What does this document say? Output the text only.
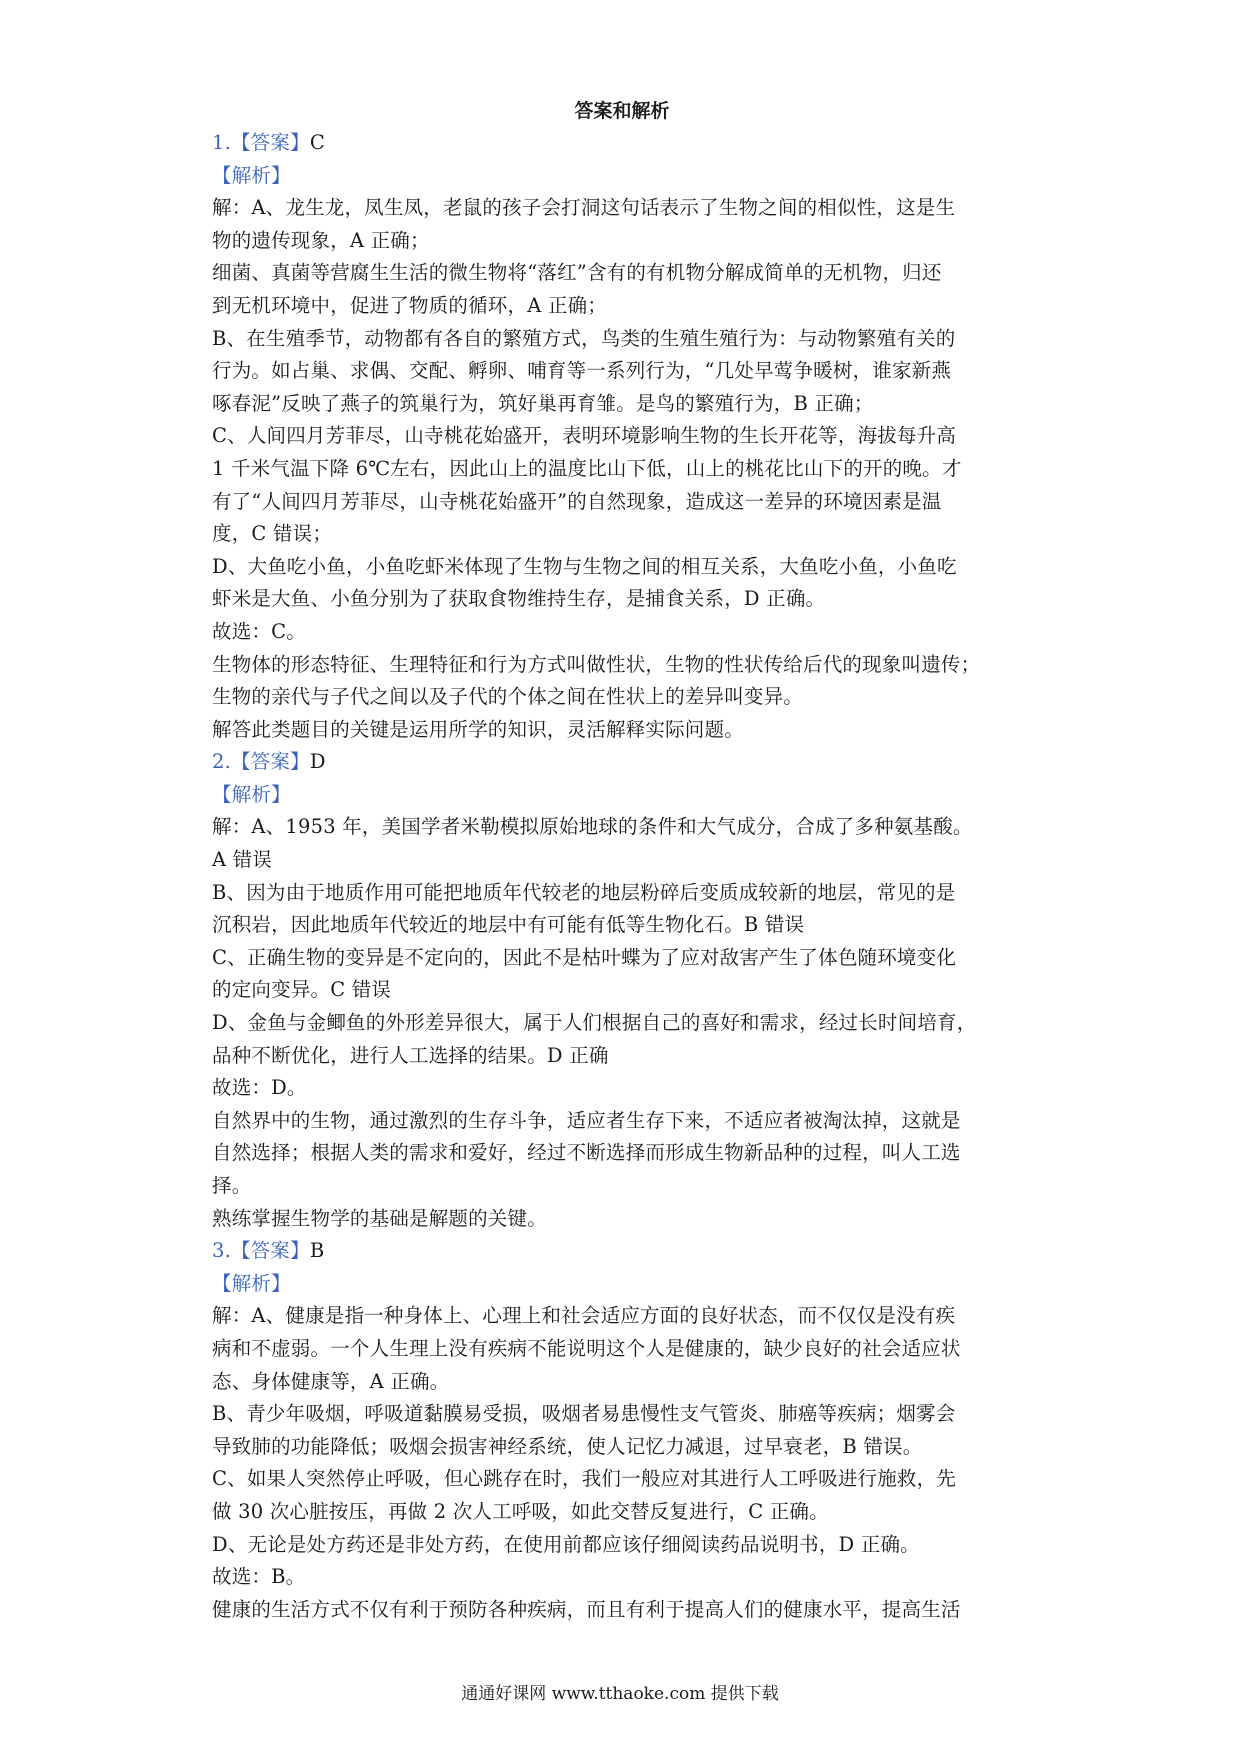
答案和解析

1.【答案】C

【解析】

解：A、龙生龙，凤生凤，老鼠的孩子会打洞这句话表示了生物之间的相似性，这是生

物的遗传现象，A 正确；

细菌、真菌等营腐生生活的微生物将“落红”含有的有机物分解成简单的无机物，归还

到无机环境中，促进了物质的循环，A 正确；

B、在生殖季节，动物都有各自的繁殖方式，鸟类的生殖生殖行为：与动物繁殖有关的

行为。如占巢、求偶、交配、孵卵、哺育等一系列行为，“几处早莺争暖树，谁家新燕

啄春泥”反映了燕子的筑巢行为，筑好巢再育雏。是鸟的繁殖行为，B 正确；

C、人间四月芳菲尽，山寺桃花始盛开，表明环境影响生物的生长开花等，海拔每升高

1 千米气温下降 6℃左右，因此山上的温度比山下低，山上的桃花比山下的开的晚。才

有了“人间四月芳菲尽，山寺桃花始盛开”的自然现象，造成这一差异的环境因素是温

度，C 错误；

D、大鱼吃小鱼，小鱼吃虾米体现了生物与生物之间的相互关系，大鱼吃小鱼，小鱼吃

虾米是大鱼、小鱼分别为了获取食物维持生存，是捕食关系，D 正确。

故选：C。

生物体的形态特征、生理特征和行为方式叫做性状，生物的性状传给后代的现象叫遗传；

生物的亲代与子代之间以及子代的个体之间在性状上的差异叫变异。

解答此类题目的关键是运用所学的知识，灵活解释实际问题。

2.【答案】D

【解析】

解：A、1953 年，美国学者米勒模拟原始地球的条件和大气成分，合成了多种氨基酸。

A 错误

B、因为由于地质作用可能把地质年代较老的地层粉碎后变质成较新的地层，常见的是

沉积岩，因此地质年代较近的地层中有可能有低等生物化石。B 错误

C、正确生物的变异是不定向的，因此不是枯叶蝶为了应对敌害产生了体色随环境变化

的定向变异。C 错误

D、金鱼与金鲫鱼的外形差异很大，属于人们根据自己的喜好和需求，经过长时间培育，

品种不断优化，进行人工选择的结果。D 正确

故选：D。

自然界中的生物，通过激烈的生存斗争，适应者生存下来，不适应者被淘汰掉，这就是

自然选择；根据人类的需求和爱好，经过不断选择而形成生物新品种的过程，叫人工选

择。

熟练掌握生物学的基础是解题的关键。

3.【答案】B

【解析】

解：A、健康是指一种身体上、心理上和社会适应方面的良好状态，而不仅仅是没有疾

病和不虚弱。一个人生理上没有疾病不能说明这个人是健康的，缺少良好的社会适应状

态、身体健康等，A 正确。

B、青少年吸烟，呼吸道黏膜易受损，吸烟者易患慢性支气管炎、肺癌等疾病；烟雾会

导致肺的功能降低；吸烟会损害神经系统，使人记忆力减退，过早衰老，B 错误。

C、如果人突然停止呼吸，但心跳存在时，我们一般应对其进行人工呼吸进行施救，先

做 30 次心脏按压，再做 2 次人工呼吸，如此交替反复进行，C 正确。

D、无论是处方药还是非处方药，在使用前都应该仔细阅读药品说明书，D 正确。

故选：B。

健康的生活方式不仅有利于预防各种疾病，而且有利于提高人们的健康水平，提高生活

通通好课网 www.tthaoke.com 提供下载
